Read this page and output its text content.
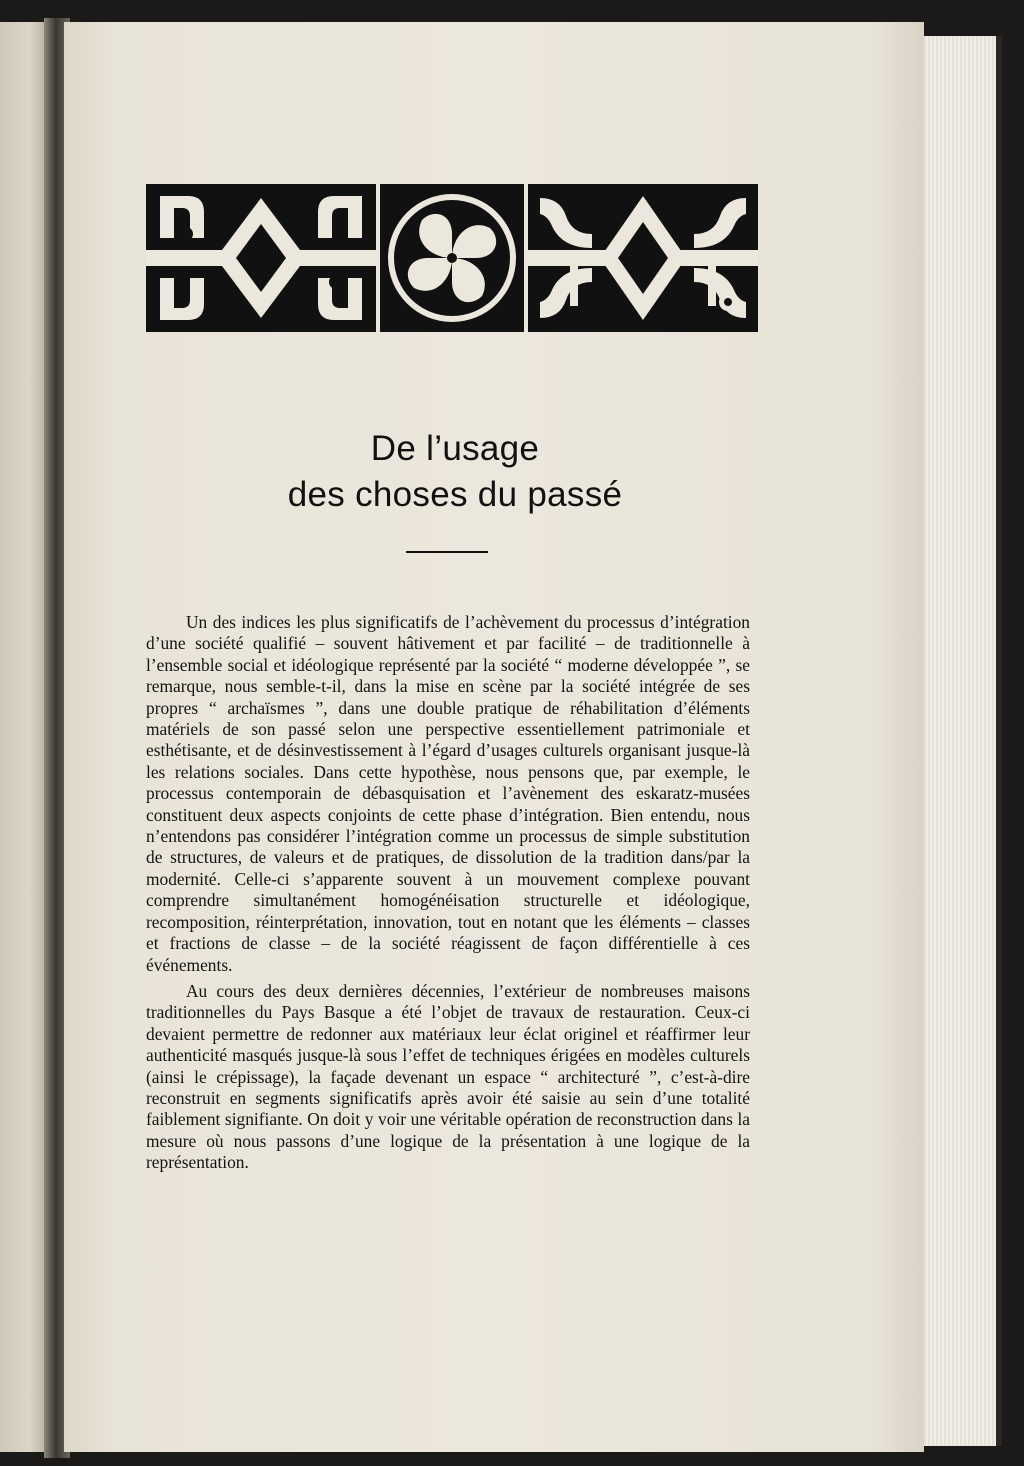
De l’usage
des choses du passé

Un des indices les plus significatifs de l’achèvement du processus d’intégration d’une société qualifié – souvent hâtivement et par facilité – de traditionnelle à l’ensemble social et idéologique représenté par la société “ moderne développée ”, se remarque, nous semble-t-il, dans la mise en scène par la société intégrée de ses propres “ archaïsmes ”, dans une double pratique de réhabilitation d’éléments matériels de son passé selon une perspective essentiellement patrimoniale et esthétisante, et de désinvestissement à l’égard d’usages culturels organisant jusque-là les relations sociales. Dans cette hypothèse, nous pensons que, par exemple, le processus contemporain de débasquisation et l’avènement des eskaratz-musées constituent deux aspects conjoints de cette phase d’intégration. Bien entendu, nous n’entendons pas considérer l’intégration comme un processus de simple substitution de structures, de valeurs et de pratiques, de dissolution de la tradition dans/par la modernité. Celle-ci s’apparente souvent à un mouvement complexe pouvant comprendre simultanément homogénéisation structurelle et idéologique, recomposition, réinterprétation, innovation, tout en notant que les éléments – classes et fractions de classe – de la société réagissent de façon différentielle à ces événements.

Au cours des deux dernières décennies, l’extérieur de nombreuses maisons traditionnelles du Pays Basque a été l’objet de travaux de restauration. Ceux-ci devaient permettre de redonner aux matériaux leur éclat originel et réaffirmer leur authenticité masqués jusque-là sous l’effet de techniques érigées en modèles culturels (ainsi le crépissage), la façade devenant un espace “ architecturé ”, c’est-à-dire reconstruit en segments significatifs après avoir été saisie au sein d’une totalité faiblement signifiante. On doit y voir une véritable opération de reconstruction dans la mesure où nous passons d’une logique de la présentation à une logique de la représentation.
